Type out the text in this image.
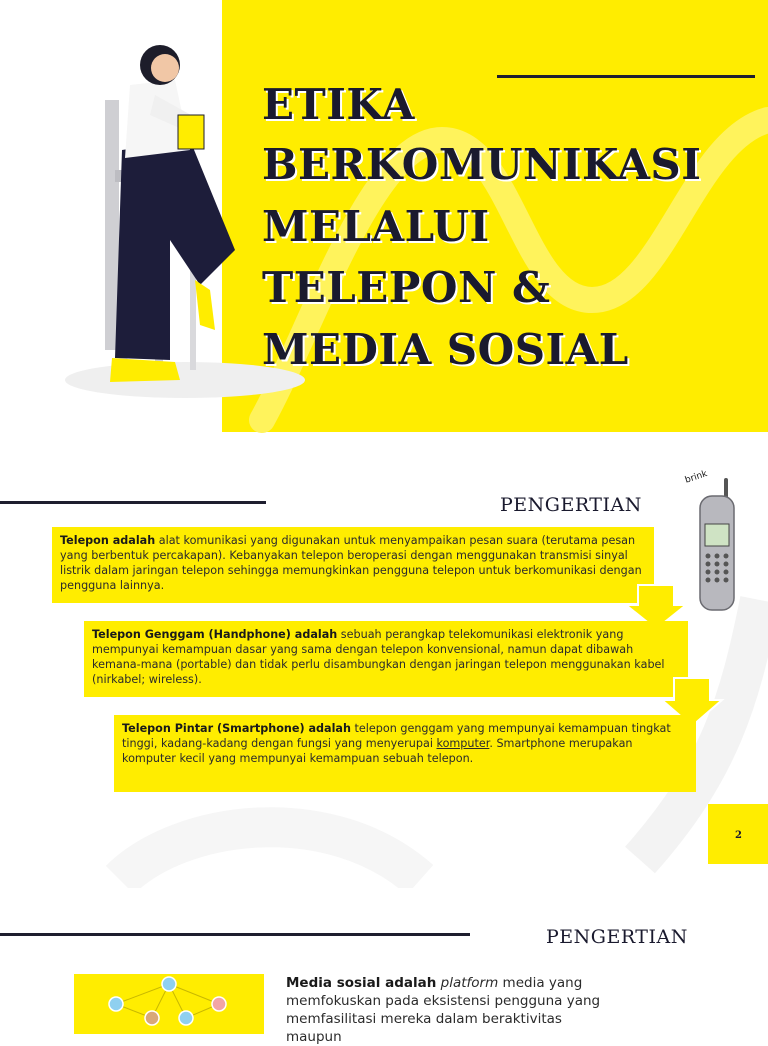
ETIKA
BERKOMUNIKASI
MELALUI
TELEPON &
MEDIA SOSIAL
PENGERTIAN
brink
Telepon adalah alat komunikasi yang digunakan untuk menyampaikan pesan suara (terutama pesan yang berbentuk percakapan). Kebanyakan telepon beroperasi dengan menggunakan transmisi sinyal listrik dalam jaringan telepon sehingga memungkinkan pengguna telepon untuk berkomunikasi dengan pengguna lainnya.
Telepon Genggam (Handphone) adalah sebuah perangkap telekomunikasi elektronik yang mempunyai kemampuan dasar yang sama dengan telepon konvensional, namun dapat dibawah kemana-mana (portable) dan tidak perlu disambungkan dengan jaringan telepon menggunakan kabel (nirkabel; wireless).
Telepon Pintar (Smartphone) adalah telepon genggam yang mempunyai kemampuan tingkat tinggi, kadang-kadang dengan fungsi yang menyerupai komputer. Smartphone merupakan komputer kecil yang mempunyai kemampuan sebuah telepon.
2
PENGERTIAN
Media sosial adalah platform media yang memfokuskan pada eksistensi pengguna yang memfasilitasi mereka dalam beraktivitas maupun
